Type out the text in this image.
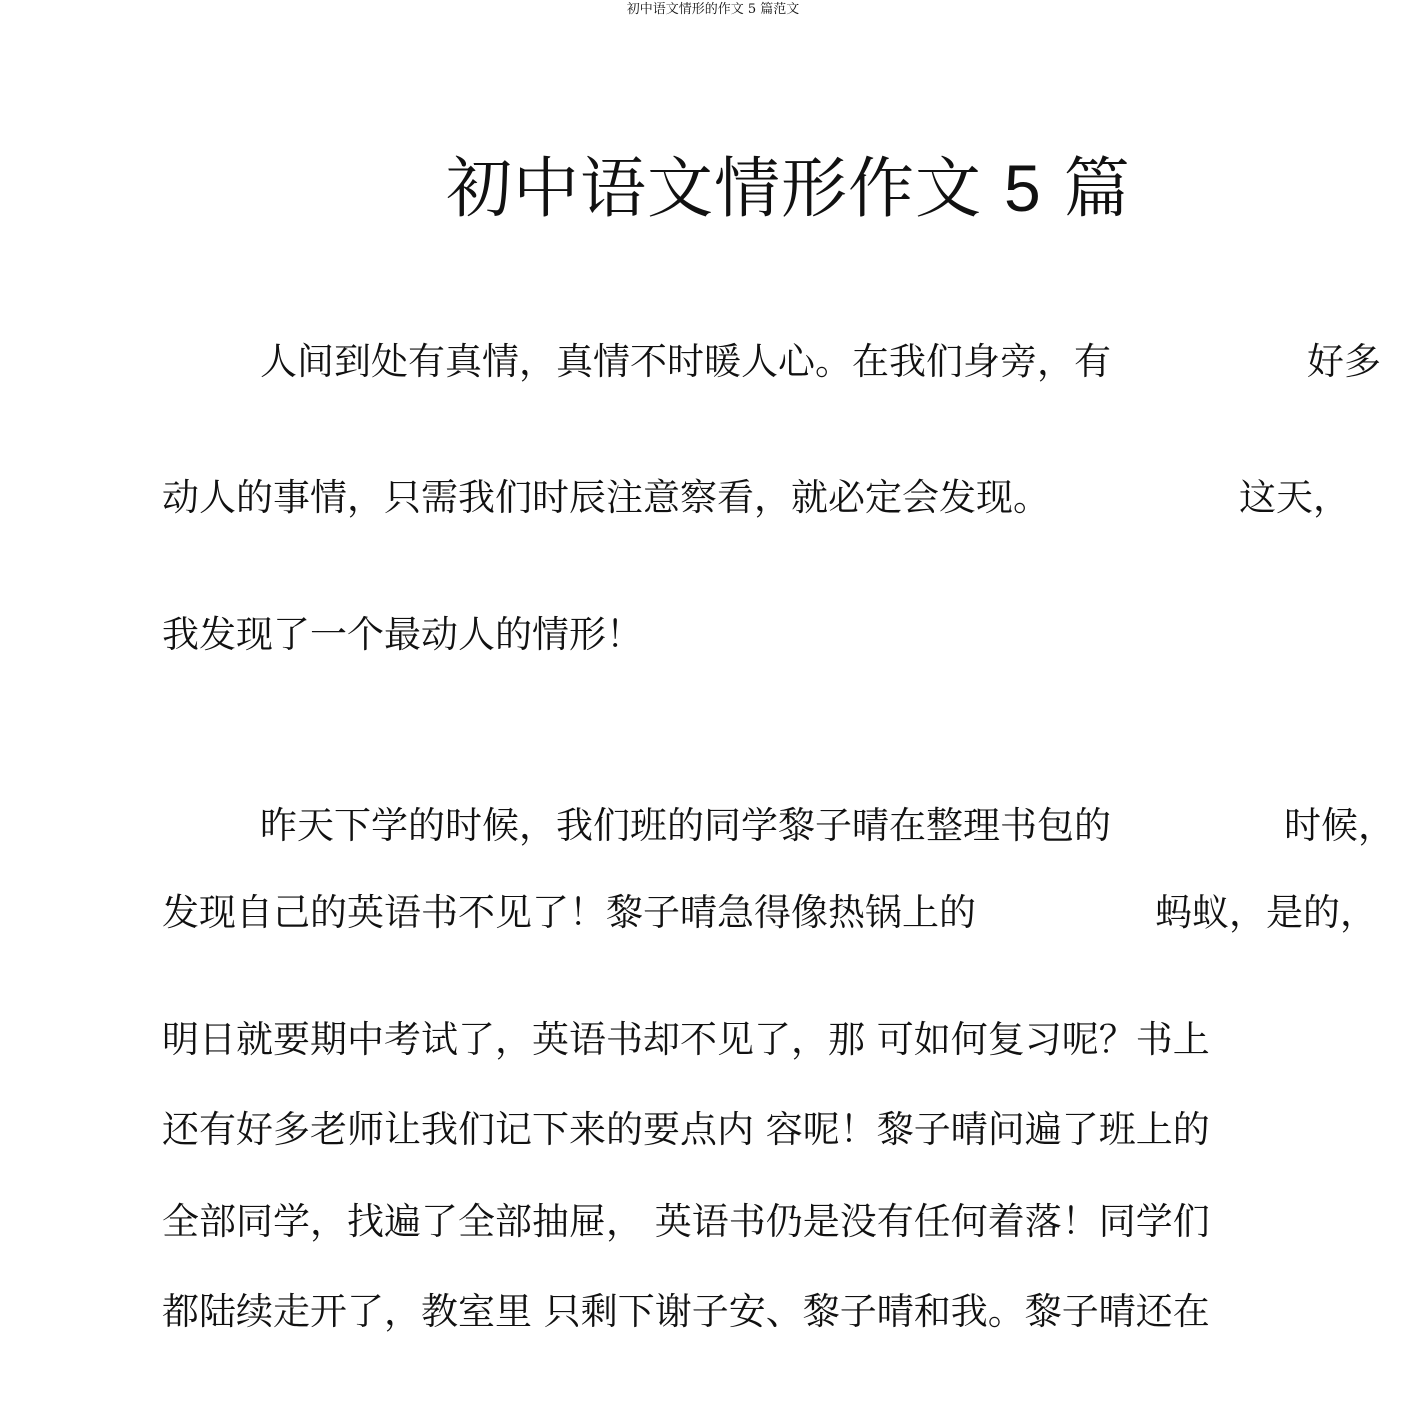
初中语文情形的作文 5 篇范文
初中语文情形作文 5 篇
人间到处有真情，真情不时暖人心。在我们身旁，有	好多
动人的事情，只需我们时辰注意察看，就必定会发现。	这天，
我发现了一个最动人的情形！
昨天下学的时候，我们班的同学黎子晴在整理书包的	时候，
发现自己的英语书不见了！黎子晴急得像热锅上的	蚂蚁，是的，
明日就要期中考试了，英语书却不见了，那 可如何复习呢？书上
还有好多老师让我们记下来的要点内 容呢！黎子晴问遍了班上的
全部同学，找遍了全部抽屉， 英语书仍是没有任何着落！同学们
都陆续走开了，教室里 只剩下谢子安、黎子晴和我。黎子晴还在
